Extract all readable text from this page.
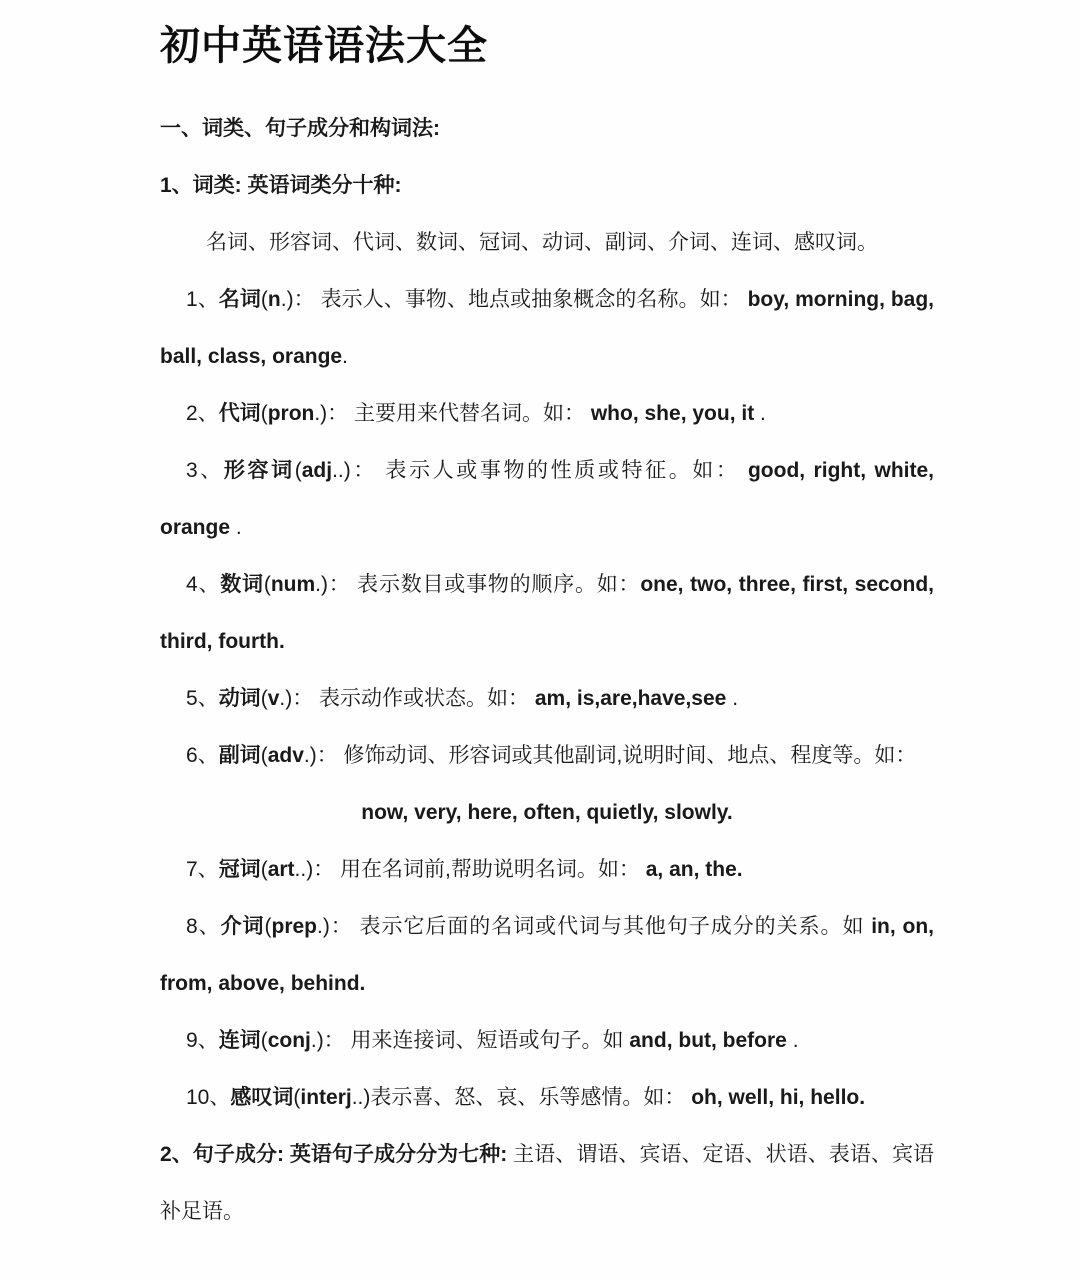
初中英语语法大全

一、词类、句子成分和构词法:

1、词类: 英语词类分十种:

名词、形容词、代词、数词、冠词、动词、副词、介词、连词、感叹词。

1、名词(n.)： 表示人、事物、地点或抽象概念的名称。如： boy, morning, bag, ball, class, orange.

2、代词(pron.)： 主要用来代替名词。如： who, she, you, it .

3、形容词(adj..)： 表示人或事物的性质或特征。如： good, right, white, orange .

4、数词(num.)： 表示数目或事物的顺序。如：one, two, three, first, second, third, fourth.

5、动词(v.)： 表示动作或状态。如： am, is,are,have,see .

6、副词(adv.)： 修饰动词、形容词或其他副词,说明时间、地点、程度等。如：

now, very, here, often, quietly, slowly.

7、冠词(art..)： 用在名词前,帮助说明名词。如： a, an, the.

8、介词(prep.)： 表示它后面的名词或代词与其他句子成分的关系。如 in, on, from, above, behind.

9、连词(conj.)： 用来连接词、短语或句子。如 and, but, before .

10、感叹词(interj..)表示喜、怒、哀、乐等感情。如： oh, well, hi, hello.

2、句子成分: 英语句子成分分为七种: 主语、谓语、宾语、定语、状语、表语、宾语补足语。
